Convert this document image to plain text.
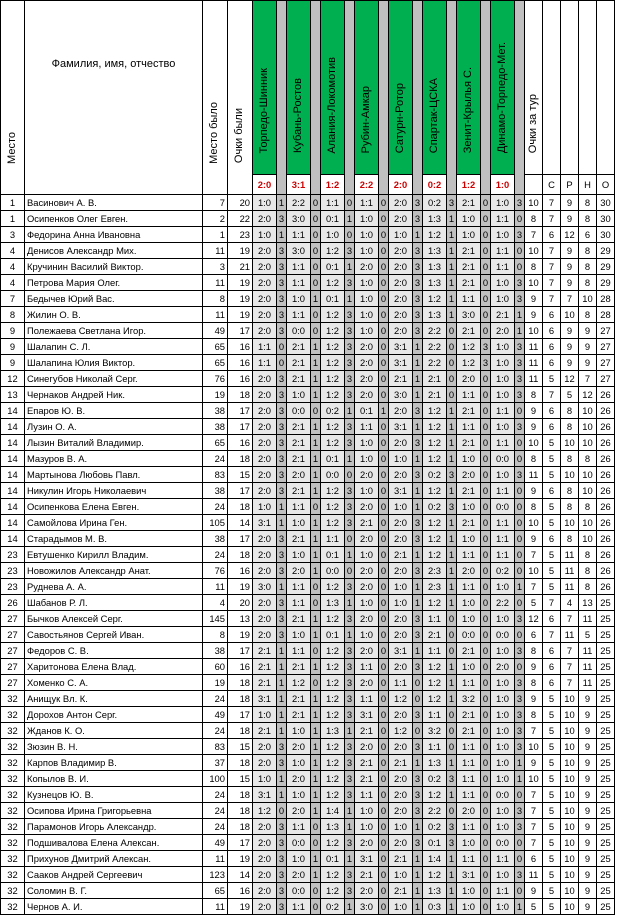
Место	Фамилия, имя, отчество	Место было	Очки были	Торпедо-Шинник		Кубань-Ростов		Алания-Локомотив		Рубин-Амкар		Сатурн-Ротор		Спартак-ЦСКА		Зенит-Крылья С.		Динамо-Торпедо-Мет.		Очки за тур				

				2:0		3:1		1:2		2:2		2:0		0:2		1:2		1:0			С	Р	Н	О
1	Васинович А. В.	7	20	1:0	1	2:2	0	1:1	0	1:1	0	2:0	3	0:2	3	2:1	0	1:0	3	10	7	9	8	30
1	Осипенков Олег Евген.	2	22	2:0	3	3:0	0	0:1	1	1:0	0	2:0	3	1:3	1	1:0	0	1:1	0	8	7	9	8	30
3	Федорина Анна Ивановна	1	23	1:0	1	1:1	0	1:0	0	1:0	0	1:0	1	1:2	1	1:0	0	1:0	3	7	6	12	6	30
4	Денисов Александр Мих.	11	19	2:0	3	3:0	0	1:2	3	1:0	0	2:0	3	1:3	1	2:1	0	1:1	0	10	7	9	8	29
4	Кручинин Василий Виктор.	3	21	2:0	3	1:1	0	0:1	1	2:0	0	2:0	3	1:3	1	2:1	0	1:1	0	8	7	9	8	29
4	Петрова Мария Олег.	11	19	2:0	3	1:1	0	1:2	3	1:0	0	2:0	3	1:3	1	2:1	0	1:0	3	10	7	9	8	29
7	Бедычев Юрий Вас.	8	19	2:0	3	1:0	1	0:1	1	1:0	0	2:0	3	1:2	1	1:1	0	1:0	3	9	7	7	10	28
8	Жилин О. В.	11	19	2:0	3	1:1	0	1:2	3	1:0	0	2:0	3	1:3	1	3:0	0	2:1	1	9	6	10	8	28
9	Полежаева Светлана Игор.	49	17	2:0	3	0:0	0	1:2	3	1:0	0	2:0	3	2:2	0	2:1	0	2:0	1	10	6	9	9	27
9	Шалапин С. Л.	65	16	1:1	0	2:1	1	1:2	3	2:0	0	3:1	1	2:2	0	1:2	3	1:0	3	11	6	9	9	27
9	Шалапина Юлия Виктор.	65	16	1:1	0	2:1	1	1:2	3	2:0	0	3:1	1	2:2	0	1:2	3	1:0	3	11	6	9	9	27
12	Синегубов Николай Серг.	76	16	2:0	3	2:1	1	1:2	3	2:0	0	2:1	1	2:1	0	2:0	0	1:0	3	11	5	12	7	27
13	Чернаков Андрей Ник.	19	18	2:0	3	1:0	1	1:2	3	2:0	0	3:0	1	2:1	0	1:1	0	1:0	3	8	7	5	12	26
14	Епаров Ю. В.	38	17	2:0	3	0:0	0	0:2	1	0:1	1	2:0	3	1:2	1	2:1	0	1:1	0	9	6	8	10	26
14	Лузин О. А.	38	17	2:0	3	2:1	1	1:2	3	1:1	0	3:1	1	1:2	1	1:1	0	1:0	3	9	6	8	10	26
14	Лызин Виталий Владимир.	65	16	2:0	3	2:1	1	1:2	3	1:0	0	2:0	3	1:2	1	2:1	0	1:1	0	10	5	10	10	26
14	Мазуров В. А.	24	18	2:0	3	2:1	1	0:1	1	1:0	0	1:0	1	1:2	1	1:0	0	0:0	0	8	5	8	8	26
14	Мартынова Любовь Павл.	83	15	2:0	3	2:0	1	0:0	0	2:0	0	2:0	3	0:2	3	2:0	0	1:0	3	11	5	10	10	26
14	Никулин Игорь Николаевич	38	17	2:0	3	2:1	1	1:2	3	1:0	0	3:1	1	1:2	1	2:1	0	1:1	0	9	6	8	10	26
14	Осипенкова Елена Евген.	24	18	1:0	1	1:1	0	1:2	3	2:0	0	1:0	1	0:2	3	1:0	0	0:0	0	8	5	8	8	26
14	Самойлова Ирина Ген.	105	14	3:1	1	1:0	1	1:2	3	2:1	0	2:0	3	1:2	1	2:1	0	1:1	0	10	5	10	10	26
14	Старадымов М. В.	38	17	2:0	3	2:1	1	1:1	0	2:0	0	2:0	3	1:2	1	1:0	0	1:1	0	9	6	8	10	26
23	Евтушенко Кирилл Владим.	24	18	2:0	3	1:0	1	0:1	1	1:0	0	2:1	1	1:2	1	1:1	0	1:1	0	7	5	11	8	26
23	Новожилов Александр Анат.	76	16	2:0	3	2:0	1	0:0	0	2:0	0	2:0	3	2:3	1	2:0	0	0:2	0	10	5	11	8	26
23	Руднева А. А.	11	19	3:0	1	1:1	0	1:2	3	2:0	0	1:0	1	2:3	1	1:1	0	1:0	1	7	5	11	8	26
26	Шабанов Р. Л.	4	20	2:0	3	1:1	0	1:3	1	1:0	0	1:0	1	1:2	1	1:0	0	2:2	0	5	7	4	13	25
27	Бычков Алексей Серг.	145	13	2:0	3	2:1	1	1:2	3	2:0	0	2:0	3	1:1	0	1:0	0	1:0	3	12	6	7	11	25
27	Савостьянов Сергей Иван.	8	19	2:0	3	1:0	1	0:1	1	1:0	0	2:0	3	2:1	0	0:0	0	0:0	0	6	7	11	5	25
27	Федоров С. В.	38	17	2:1	1	1:1	0	1:2	3	2:0	0	3:1	1	1:1	0	2:1	0	1:0	3	8	6	7	11	25
27	Харитонова Елена Влад.	60	16	2:1	1	2:1	1	1:2	3	1:1	0	2:0	3	1:2	1	1:0	0	2:0	0	9	6	7	11	25
27	Хоменко С. А.	19	18	2:1	1	1:2	0	1:2	3	2:0	0	1:1	0	1:2	1	1:1	0	1:0	3	8	6	7	11	25
32	Анищук Вл. К.	24	18	3:1	1	2:1	1	1:2	3	1:1	0	1:2	0	1:2	1	3:2	0	1:0	3	9	5	10	9	25
32	Дорохов Антон Серг.	49	17	1:0	1	2:1	1	1:2	3	3:1	0	2:0	3	1:1	0	2:1	0	1:0	3	8	5	10	9	25
32	Жданов К. О.	24	18	2:1	1	1:0	1	1:3	1	2:1	0	1:2	0	3:2	0	2:1	0	1:0	3	7	5	10	9	25
32	Зюзин В. Н.	83	15	2:0	3	2:0	1	1:2	3	2:0	0	2:0	3	1:1	0	1:1	0	1:0	3	10	5	10	9	25
32	Карпов Владимир В.	37	18	2:0	3	1:0	1	1:2	3	2:1	0	2:1	1	1:3	1	1:1	0	1:0	1	9	5	10	9	25
32	Копылов В. И.	100	15	1:0	1	2:0	1	1:2	3	2:1	0	2:0	3	0:2	3	1:1	0	1:0	1	10	5	10	9	25
32	Кузнецов Ю. В.	24	18	3:1	1	1:0	1	1:2	3	1:1	0	2:0	3	1:2	1	1:1	0	0:0	0	7	5	10	9	25
32	Осипова Ирина Григорьевна	24	18	1:2	0	2:0	1	1:4	1	1:0	0	2:0	3	2:2	0	2:0	0	1:0	3	7	5	10	9	25
32	Парамонов Игорь Александр.	24	18	2:0	3	1:1	0	1:3	1	1:0	0	1:0	1	0:2	3	1:1	0	1:0	3	7	5	10	9	25
32	Подшивалова Елена Алексан.	49	17	2:0	3	0:0	0	1:2	3	2:0	0	2:0	3	0:1	3	1:0	0	0:0	0	7	5	10	9	25
32	Прихунов Дмитрий Алексан.	11	19	2:0	3	1:0	1	0:1	1	3:1	0	2:1	1	1:4	1	1:1	0	1:1	0	6	5	10	9	25
32	Сааков Андрей Сергеевич	123	14	2:0	3	2:0	1	1:2	3	2:1	0	1:0	1	1:2	1	3:1	0	1:0	3	11	5	10	9	25
32	Соломин В. Г.	65	16	2:0	3	0:0	0	1:2	3	2:0	0	2:1	1	1:3	1	1:0	0	1:1	0	9	5	10	9	25
32	Чернов А. И.	11	19	2:0	3	1:1	0	0:2	1	3:0	0	1:0	1	0:3	1	1:0	0	1:0	1	5	5	10	9	25
